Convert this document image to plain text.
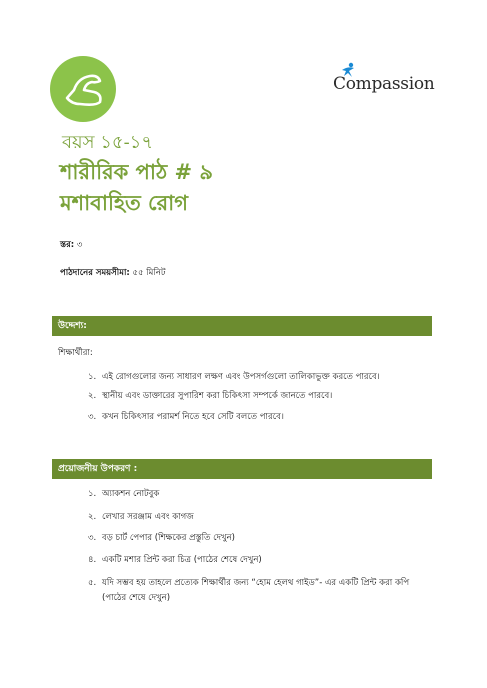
Compassion
বয়স ১৫-১৭
শারীরিক পাঠ # ৯
মশাবাহিত রোগ
স্তর: ৩
পাঠদানের সময়সীমা: ৫৫ মিনিট
উদ্দেশ্য:
শিক্ষার্থীরা:
১. এই রোগগুলোর জন্য সাধারণ লক্ষণ এবং উপসর্গগুলো তালিকাভুক্ত করতে পারবে।
২. স্থানীয় এবং ডাক্তারের সুপারিশ করা চিকিৎসা সম্পর্কে জানতে পারবে।
৩. কখন চিকিৎসার পরামর্শ নিতে হবে সেটি বলতে পারবে।
প্রয়োজনীয় উপকরণ :
১. অ্যাকশন নোটবুক
২. লেখার সরঞ্জাম এবং কাগজ
৩. বড় চার্ট পেপার (শিক্ষকের প্রস্তুতি দেখুন)
৪. একটি মশার প্রিন্ট করা চিত্র (পাঠের শেষে দেখুন)
৫. যদি সম্ভব হয় তাহলে প্রত্যেক শিক্ষার্থীর জন্য “হোম হেলথ গাইড”- এর একটি প্রিন্ট করা কপি (পাঠের শেষে দেখুন)
